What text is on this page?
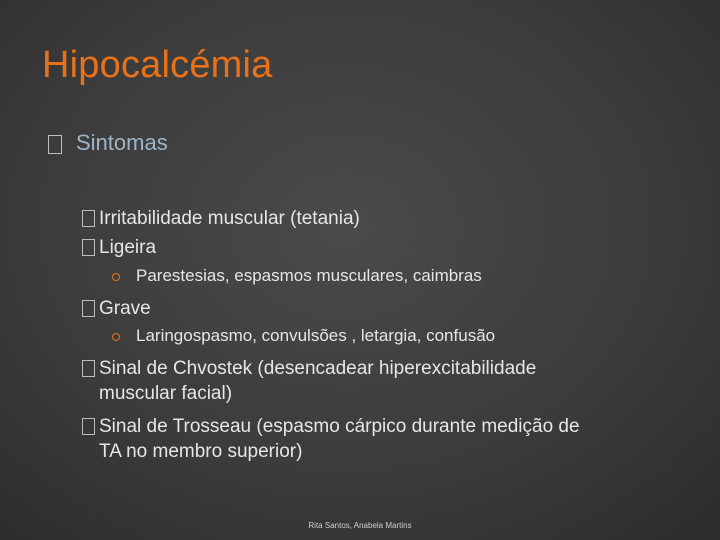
Hipocalcémia
Sintomas
Irritabilidade muscular (tetania)
Ligeira
Parestesias, espasmos musculares, caimbras
Grave
Laringospasmo, convulsões , letargia, confusão
Sinal de Chvostek (desencadear hiperexcitabilidade muscular facial)
Sinal de Trosseau (espasmo cárpico durante medição de TA no membro superior)
Rita Santos, Anabela Martins
